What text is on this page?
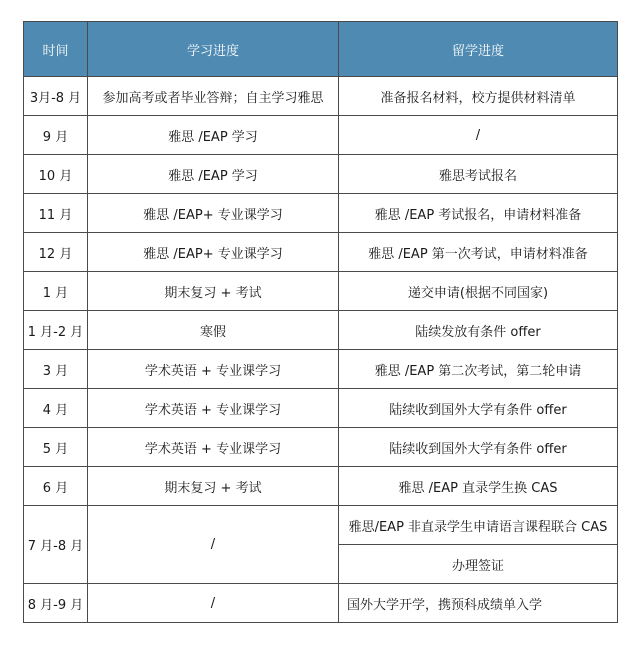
时间	学习进度	留学进度
3月-8 月	参加高考或者毕业答辩；自主学习雅思	准备报名材料，校方提供材料清单
9 月	雅思 /EAP 学习	/
10 月	雅思 /EAP 学习	雅思考试报名
11 月	雅思 /EAP+ 专业课学习	雅思 /EAP 考试报名，申请材料准备
12 月	雅思 /EAP+ 专业课学习	雅思 /EAP 第一次考试，申请材料准备
1 月	期末复习 + 考试	递交申请(根据不同国家)
1 月-2 月	寒假	陆续发放有条件 offer
3 月	学术英语 + 专业课学习	雅思 /EAP 第二次考试，第二轮申请
4 月	学术英语 + 专业课学习	陆续收到国外大学有条件 offer
5 月	学术英语 + 专业课学习	陆续收到国外大学有条件 offer
6 月	期末复习 + 考试	雅思 /EAP 直录学生换 CAS
7 月-8 月	/	雅思/EAP 非直录学生申请语言课程联合 CAS
		办理签证
8 月-9 月	/	国外大学开学，携预科成绩单入学
